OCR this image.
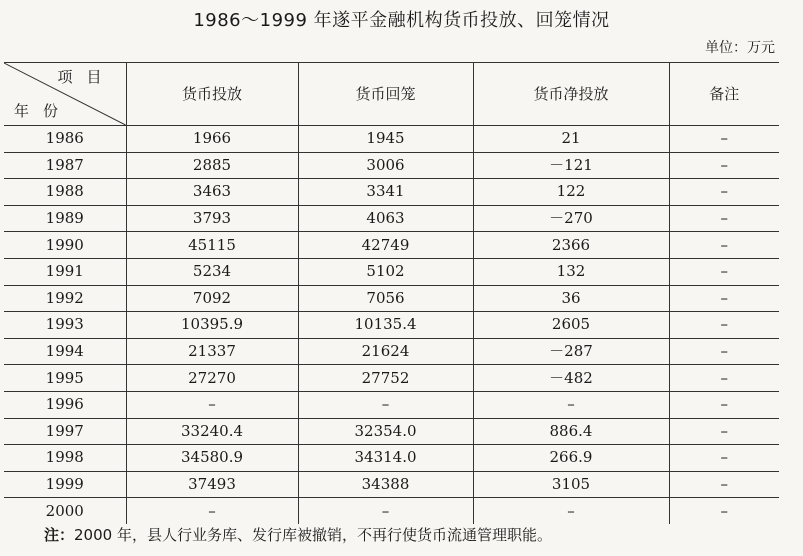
1986～1999 年遂平金融机构货币投放、回笼情况
单位：万元
项目
年份	货币投放	货币回笼	货币净投放	备注
1986	1966	1945	21	–
1987	2885	3006	－121	–
1988	3463	3341	122	–
1989	3793	4063	－270	–
1990	45115	42749	2366	–
1991	5234	5102	132	–
1992	7092	7056	36	–
1993	10395.9	10135.4	2605	–
1994	21337	21624	－287	–
1995	27270	27752	－482	–
1996	–	–	–	–
1997	33240.4	32354.0	886.4	–
1998	34580.9	34314.0	266.9	–
1999	37493	34388	3105	–
2000	–	–	–	–
注：2000 年，县人行业务库、发行库被撤销，不再行使货币流通管理职能。
